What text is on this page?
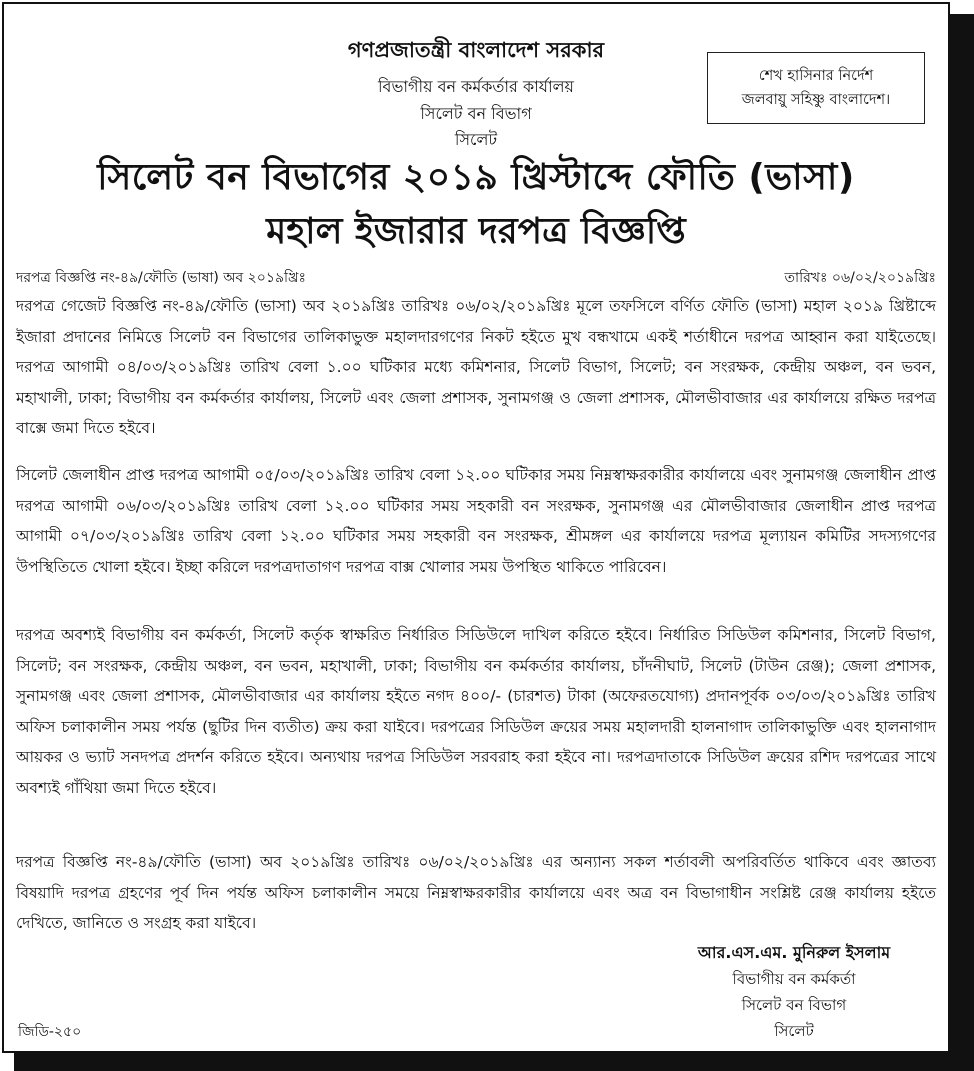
গণপ্রজাতন্ত্রী বাংলাদেশ সরকার
বিভাগীয় বন কর্মকর্তার কার্যালয়
সিলেট বন বিভাগ
সিলেট
শেখ হাসিনার নির্দেশ
জলবায়ু সহিষ্ণু বাংলাদেশ।
সিলেট বন বিভাগের ২০১৯ খ্রিস্টাব্দে ফৌতি (ভাসা)
মহাল ইজারার দরপত্র বিজ্ঞপ্তি
দরপত্র বিজ্ঞপ্তি নং-৪৯/ফৌতি (ভাষা) অব ২০১৯খ্রিঃ	তারিখঃ ০৬/০২/২০১৯খ্রিঃ
দরপত্র গেজেট বিজ্ঞপ্তি নং-৪৯/ফৌতি (ভাসা) অব ২০১৯খ্রিঃ তারিখঃ ০৬/০২/২০১৯খ্রিঃ মূলে তফসিলে বর্ণিত ফৌতি (ভাসা) মহাল ২০১৯ খ্রিষ্টাব্দে ইজারা প্রদানের নিমিত্তে সিলেট বন বিভাগের তালিকাভুক্ত মহালদারগণের নিকট হইতে মুখ বন্ধখামে একই শর্তাধীনে দরপত্র আহ্বান করা যাইতেছে। দরপত্র আগামী ০৪/০৩/২০১৯খ্রিঃ তারিখ বেলা ১.০০ ঘটিকার মধ্যে কমিশনার, সিলেট বিভাগ, সিলেট; বন সংরক্ষক, কেন্দ্রীয় অঞ্চল, বন ভবন, মহাখালী, ঢাকা; বিভাগীয় বন কর্মকর্তার কার্যালয়, সিলেট এবং জেলা প্রশাসক, সুনামগঞ্জ ও জেলা প্রশাসক, মৌলভীবাজার এর কার্যালয়ে রক্ষিত দরপত্র বাক্সে জমা দিতে হইবে।
সিলেট জেলাধীন প্রাপ্ত দরপত্র আগামী ০৫/০৩/২০১৯খ্রিঃ তারিখ বেলা ১২.০০ ঘটিকার সময় নিম্নস্বাক্ষরকারীর কার্যালয়ে এবং সুনামগঞ্জ জেলাধীন প্রাপ্ত দরপত্র আগামী ০৬/০৩/২০১৯খ্রিঃ তারিখ বেলা ১২.০০ ঘটিকার সময় সহকারী বন সংরক্ষক, সুনামগঞ্জ এর মৌলভীবাজার জেলাধীন প্রাপ্ত দরপত্র আগামী ০৭/০৩/২০১৯খ্রিঃ তারিখ বেলা ১২.০০ ঘটিকার সময় সহকারী বন সংরক্ষক, শ্রীমঙ্গল এর কার্যালয়ে দরপত্র মূল্যায়ন কমিটির সদস্যগণের উপস্থিতিতে খোলা হইবে। ইচ্ছা করিলে দরপত্রদাতাগণ দরপত্র বাক্স খোলার সময় উপস্থিত থাকিতে পারিবেন।
দরপত্র অবশ্যই বিভাগীয় বন কর্মকর্তা, সিলেট কর্তৃক স্বাক্ষরিত নির্ধারিত সিডিউলে দাখিল করিতে হইবে। নির্ধারিত সিডিউল কমিশনার, সিলেট বিভাগ, সিলেট; বন সংরক্ষক, কেন্দ্রীয় অঞ্চল, বন ভবন, মহাখালী, ঢাকা; বিভাগীয় বন কর্মকর্তার কার্যালয়, চাঁদনীঘাট, সিলেট (টাউন রেঞ্জ); জেলা প্রশাসক, সুনামগঞ্জ এবং জেলা প্রশাসক, মৌলভীবাজার এর কার্যালয় হইতে নগদ ৪০০/- (চারশত) টাকা (অফেরতযোগ্য) প্রদানপূর্বক ০৩/০৩/২০১৯খ্রিঃ তারিখ অফিস চলাকালীন সময় পর্যন্ত (ছুটির দিন ব্যতীত) ক্রয় করা যাইবে। দরপত্রের সিডিউল ক্রয়ের সময় মহালদারী হালনাগাদ তালিকাভুক্তি এবং হালনাগাদ আয়কর ও ভ্যাট সনদপত্র প্রদর্শন করিতে হইবে। অন্যথায় দরপত্র সিডিউল সরবরাহ করা হইবে না। দরপত্রদাতাকে সিডিউল ক্রয়ের রশিদ দরপত্রের সাথে অবশ্যই গাঁথিয়া জমা দিতে হইবে।
দরপত্র বিজ্ঞপ্তি নং-৪৯/ফৌতি (ভাসা) অব ২০১৯খ্রিঃ তারিখঃ ০৬/০২/২০১৯খ্রিঃ এর অন্যান্য সকল শর্তাবলী অপরিবর্তিত থাকিবে এবং জ্ঞাতব্য বিষয়াদি দরপত্র গ্রহণের পূর্ব দিন পর্যন্ত অফিস চলাকালীন সময়ে নিম্নস্বাক্ষরকারীর কার্যালয়ে এবং অত্র বন বিভাগাধীন সংশ্লিষ্ট রেঞ্জ কার্যালয় হইতে দেখিতে, জানিতে ও সংগ্রহ করা যাইবে।
আর.এস.এম. মুনিরুল ইসলাম
বিভাগীয় বন কর্মকর্তা
সিলেট বন বিভাগ
সিলেট
জিডি-২৫০
